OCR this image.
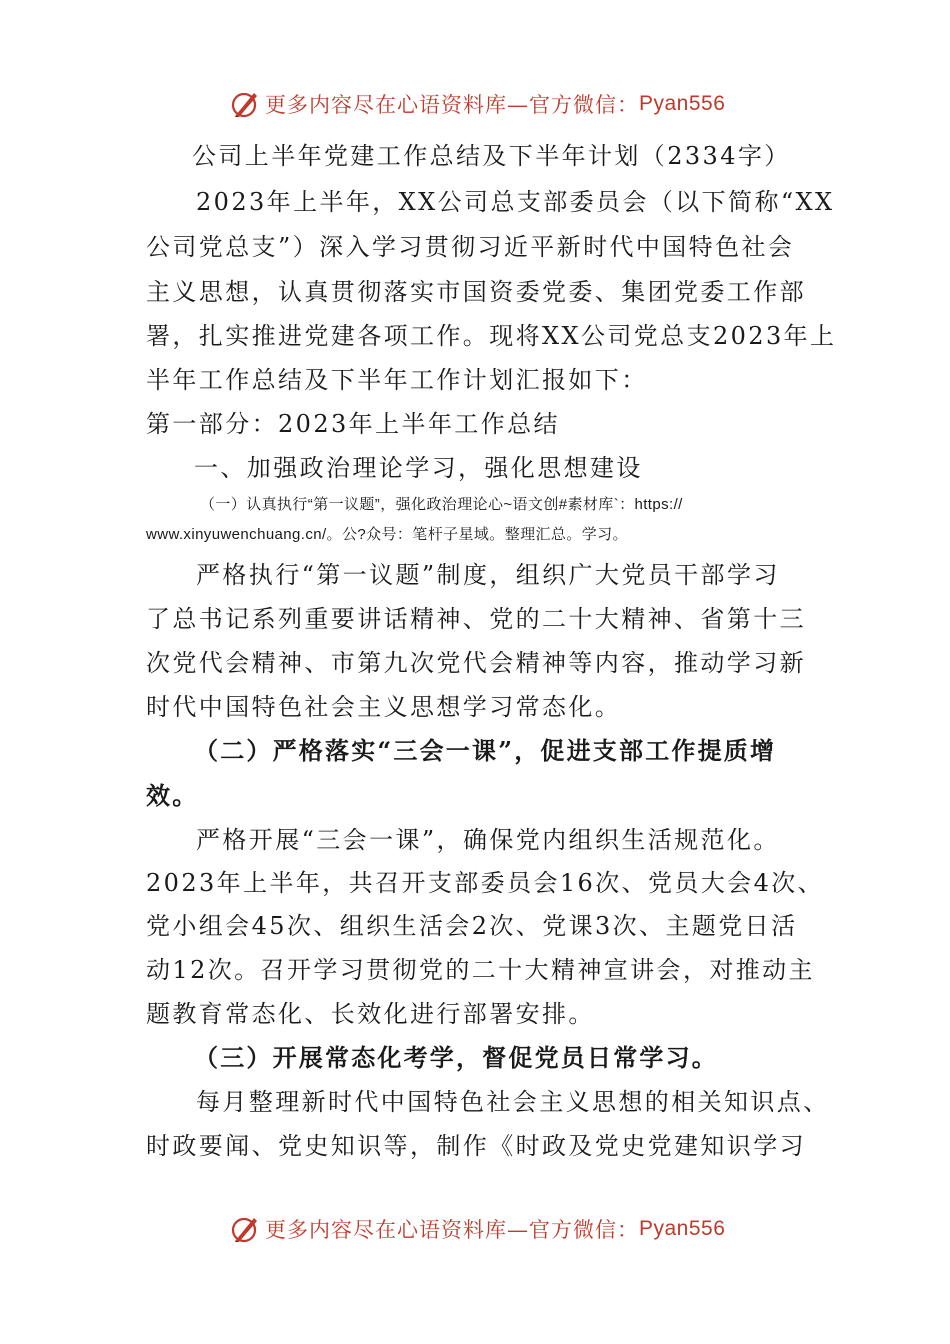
更多内容尽在心语资料库—官方微信： Pyan556
公司上半年党建工作总结及下半年计划（2334字）
2023年上半年，XX公司总支部委员会（以下简称“XX
公司党总支”）深入学习贯彻习近平新时代中国特色社会
主义思想，认真贯彻落实市国资委党委、集团党委工作部
署，扎实推进党建各项工作。现将XX公司党总支2023年上
半年工作总结及下半年工作计划汇报如下：
第一部分：2023年上半年工作总结
一、加强政治理论学习，强化思想建设
（一）认真执行“第一议题”，强化政治理论心~语文创#素材库`：https://
www.xinyuwenchuang.cn/。公?众号：笔杆子星域。整理汇总。学习。
严格执行“第一议题”制度，组织广大党员干部学习
了总书记系列重要讲话精神、党的二十大精神、省第十三
次党代会精神、市第九次党代会精神等内容，推动学习新
时代中国特色社会主义思想学习常态化。
（二）严格落实“三会一课”，促进支部工作提质增
效。
严格开展“三会一课”，确保党内组织生活规范化。
2023年上半年，共召开支部委员会16次、党员大会4次、
党小组会45次、组织生活会2次、党课3次、主题党日活
动12次。召开学习贯彻党的二十大精神宣讲会，对推动主
题教育常态化、长效化进行部署安排。
（三）开展常态化考学，督促党员日常学习。
每月整理新时代中国特色社会主义思想的相关知识点、
时政要闻、党史知识等，制作《时政及党史党建知识学习
更多内容尽在心语资料库—官方微信： Pyan556
